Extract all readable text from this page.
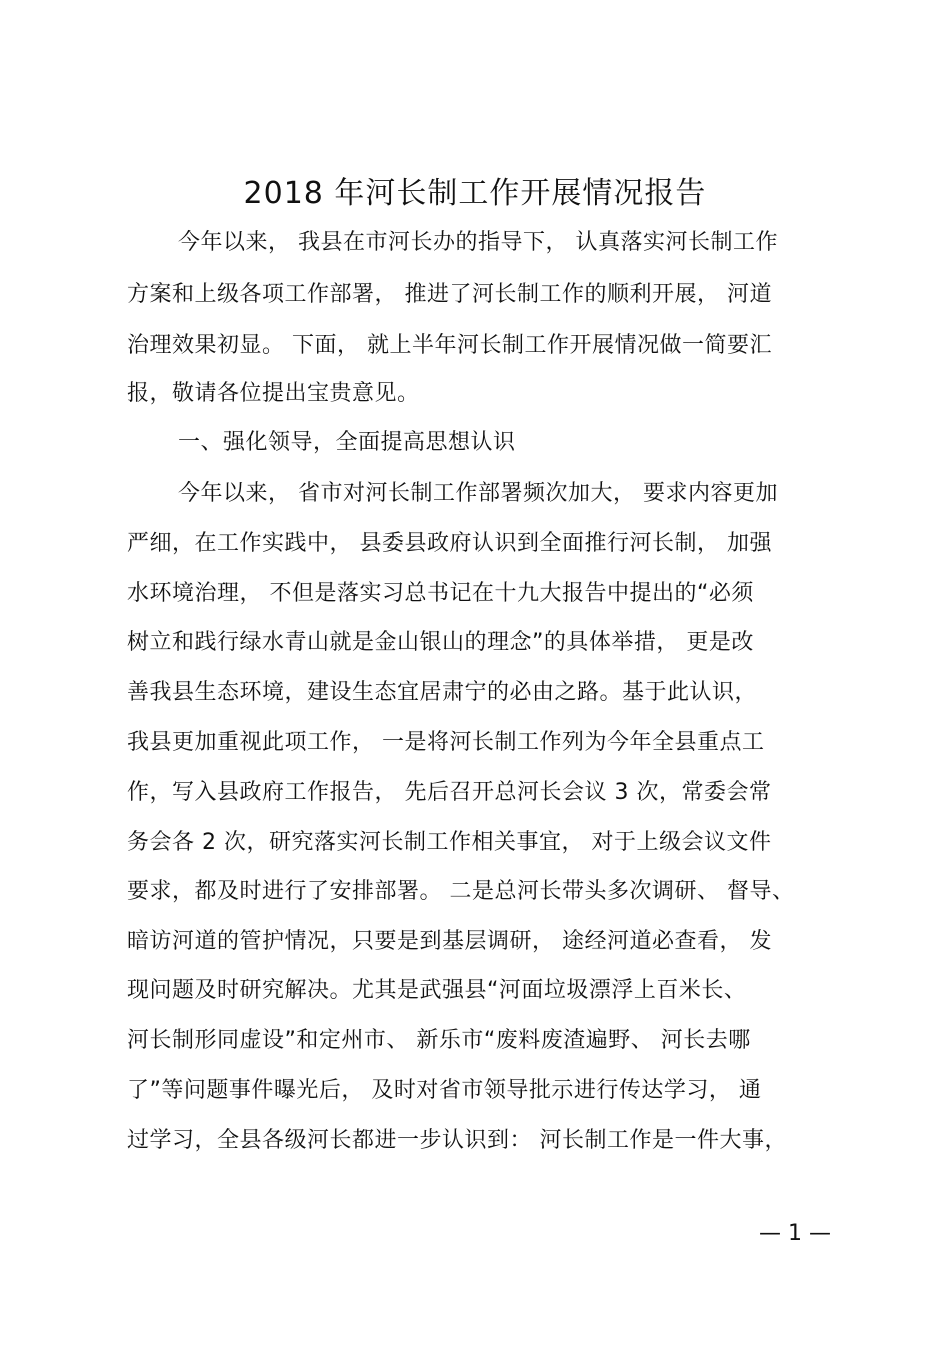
2018 年河长制工作开展情况报告
今年以来， 我县在市河长办的指导下， 认真落实河长制工作
方案和上级各项工作部署， 推进了河长制工作的顺利开展， 河道
治理效果初显。 下面， 就上半年河长制工作开展情况做一简要汇
报，敬请各位提出宝贵意见。
一、强化领导，全面提高思想认识
今年以来， 省市对河长制工作部署频次加大， 要求内容更加
严细，在工作实践中， 县委县政府认识到全面推行河长制， 加强
水环境治理， 不但是落实习总书记在十九大报告中提出的“必须
树立和践行绿水青山就是金山银山的理念”的具体举措， 更是改
善我县生态环境，建设生态宜居肃宁的必由之路。基于此认识，
我县更加重视此项工作， 一是将河长制工作列为今年全县重点工
作，写入县政府工作报告， 先后召开总河长会议 3 次，常委会常
务会各 2 次，研究落实河长制工作相关事宜， 对于上级会议文件
要求，都及时进行了安排部署。 二是总河长带头多次调研、 督导、
暗访河道的管护情况，只要是到基层调研， 途经河道必查看， 发
现问题及时研究解决。尤其是武强县“河面垃圾漂浮上百米长、
河长制形同虚设”和定州市、 新乐市“废料废渣遍野、 河长去哪
了”等问题事件曝光后， 及时对省市领导批示进行传达学习， 通
过学习，全县各级河长都进一步认识到： 河长制工作是一件大事，
— 1 —
